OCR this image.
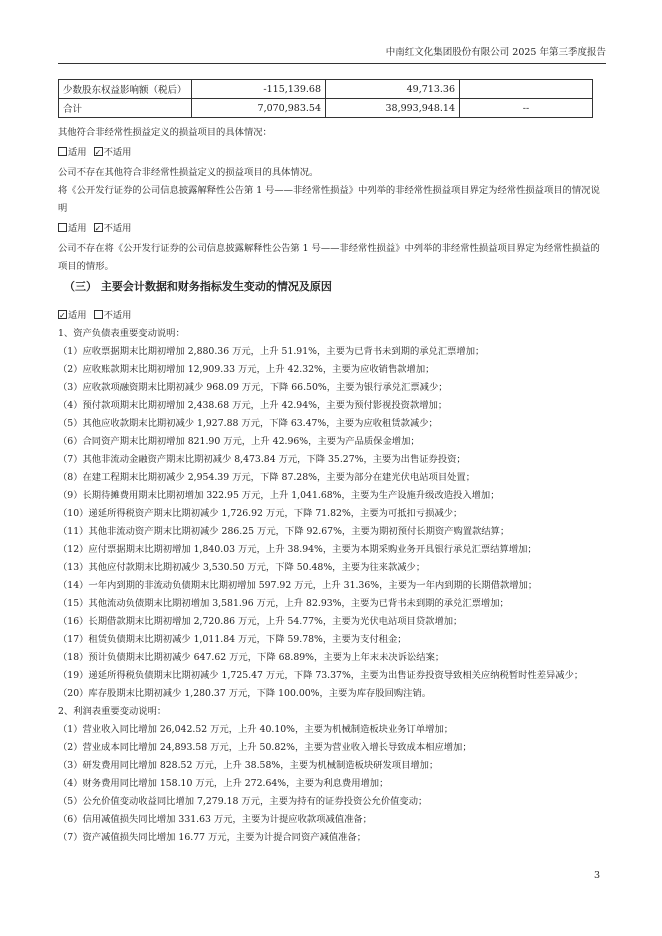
中南红文化集团股份有限公司 2025 年第三季度报告
少数股东权益影响额（税后）	-115,139.68	49,713.36	
合计	7,070,983.54	38,993,948.14	--
其他符合非经常性损益定义的损益项目的具体情况：
适用 ✓ 不适用
公司不存在其他符合非经常性损益定义的损益项目的具体情况。
将《公开发行证券的公司信息披露解释性公告第 1 号——非经常性损益》中列举的非经常性损益项目界定为经常性损益项目的情况说明
适用 ✓ 不适用
公司不存在将《公开发行证券的公司信息披露解释性公告第 1 号——非经常性损益》中列举的非经常性损益项目界定为经常性损益的项目的情形。
（三） 主要会计数据和财务指标发生变动的情况及原因
✓适用 不适用
1、资产负债表重要变动说明：
（1）应收票据期末比期初增加 2,880.36 万元，上升 51.91%，主要为已背书未到期的承兑汇票增加；
（2）应收账款期末比期初增加 12,909.33 万元，上升 42.32%，主要为应收销售款增加；
（3）应收款项融资期末比期初减少 968.09 万元，下降 66.50%，主要为银行承兑汇票减少；
（4）预付款项期末比期初增加 2,438.68 万元，上升 42.94%，主要为预付影视投资款增加；
（5）其他应收款期末比期初减少 1,927.88 万元，下降 63.47%，主要为应收租赁款减少；
（6）合同资产期末比期初增加 821.90 万元，上升 42.96%，主要为产品质保金增加；
（7）其他非流动金融资产期末比期初减少 8,473.84 万元，下降 35.27%，主要为出售证券投资；
（8）在建工程期末比期初减少 2,954.39 万元，下降 87.28%，主要为部分在建光伏电站项目处置；
（9）长期待摊费用期末比期初增加 322.95 万元，上升 1,041.68%，主要为生产设施升级改造投入增加；
（10）递延所得税资产期末比期初减少 1,726.92 万元，下降 71.82%，主要为可抵扣亏损减少；
（11）其他非流动资产期末比期初减少 286.25 万元，下降 92.67%，主要为期初预付长期资产购置款结算；
（12）应付票据期末比期初增加 1,840.03 万元，上升 38.94%，主要为本期采购业务开具银行承兑汇票结算增加；
（13）其他应付款期末比期初减少 3,530.50 万元，下降 50.48%，主要为往来款减少；
（14）一年内到期的非流动负债期末比期初增加 597.92 万元，上升 31.36%，主要为一年内到期的长期借款增加；
（15）其他流动负债期末比期初增加 3,581.96 万元，上升 82.93%，主要为已背书未到期的承兑汇票增加；
（16）长期借款期末比期初增加 2,720.86 万元，上升 54.77%，主要为光伏电站项目贷款增加；
（17）租赁负债期末比期初减少 1,011.84 万元，下降 59.78%，主要为支付租金；
（18）预计负债期末比期初减少 647.62 万元，下降 68.89%，主要为上年末未决诉讼结案；
（19）递延所得税负债期末比期初减少 1,725.47 万元，下降 73.37%，主要为出售证券投资导致相关应纳税暂时性差异减少；
（20）库存股期末比期初减少 1,280.37 万元，下降 100.00%，主要为库存股回购注销。
2、利润表重要变动说明：
（1）营业收入同比增加 26,042.52 万元，上升 40.10%，主要为机械制造板块业务订单增加；
（2）营业成本同比增加 24,893.58 万元，上升 50.82%，主要为营业收入增长导致成本相应增加；
（3）研发费用同比增加 828.52 万元，上升 38.58%，主要为机械制造板块研发项目增加；
（4）财务费用同比增加 158.10 万元，上升 272.64%，主要为利息费用增加；
（5）公允价值变动收益同比增加 7,279.18 万元，主要为持有的证券投资公允价值变动；
（6）信用减值损失同比增加 331.63 万元，主要为计提应收款项减值准备；
（7）资产减值损失同比增加 16.77 万元，主要为计提合同资产减值准备；
3
